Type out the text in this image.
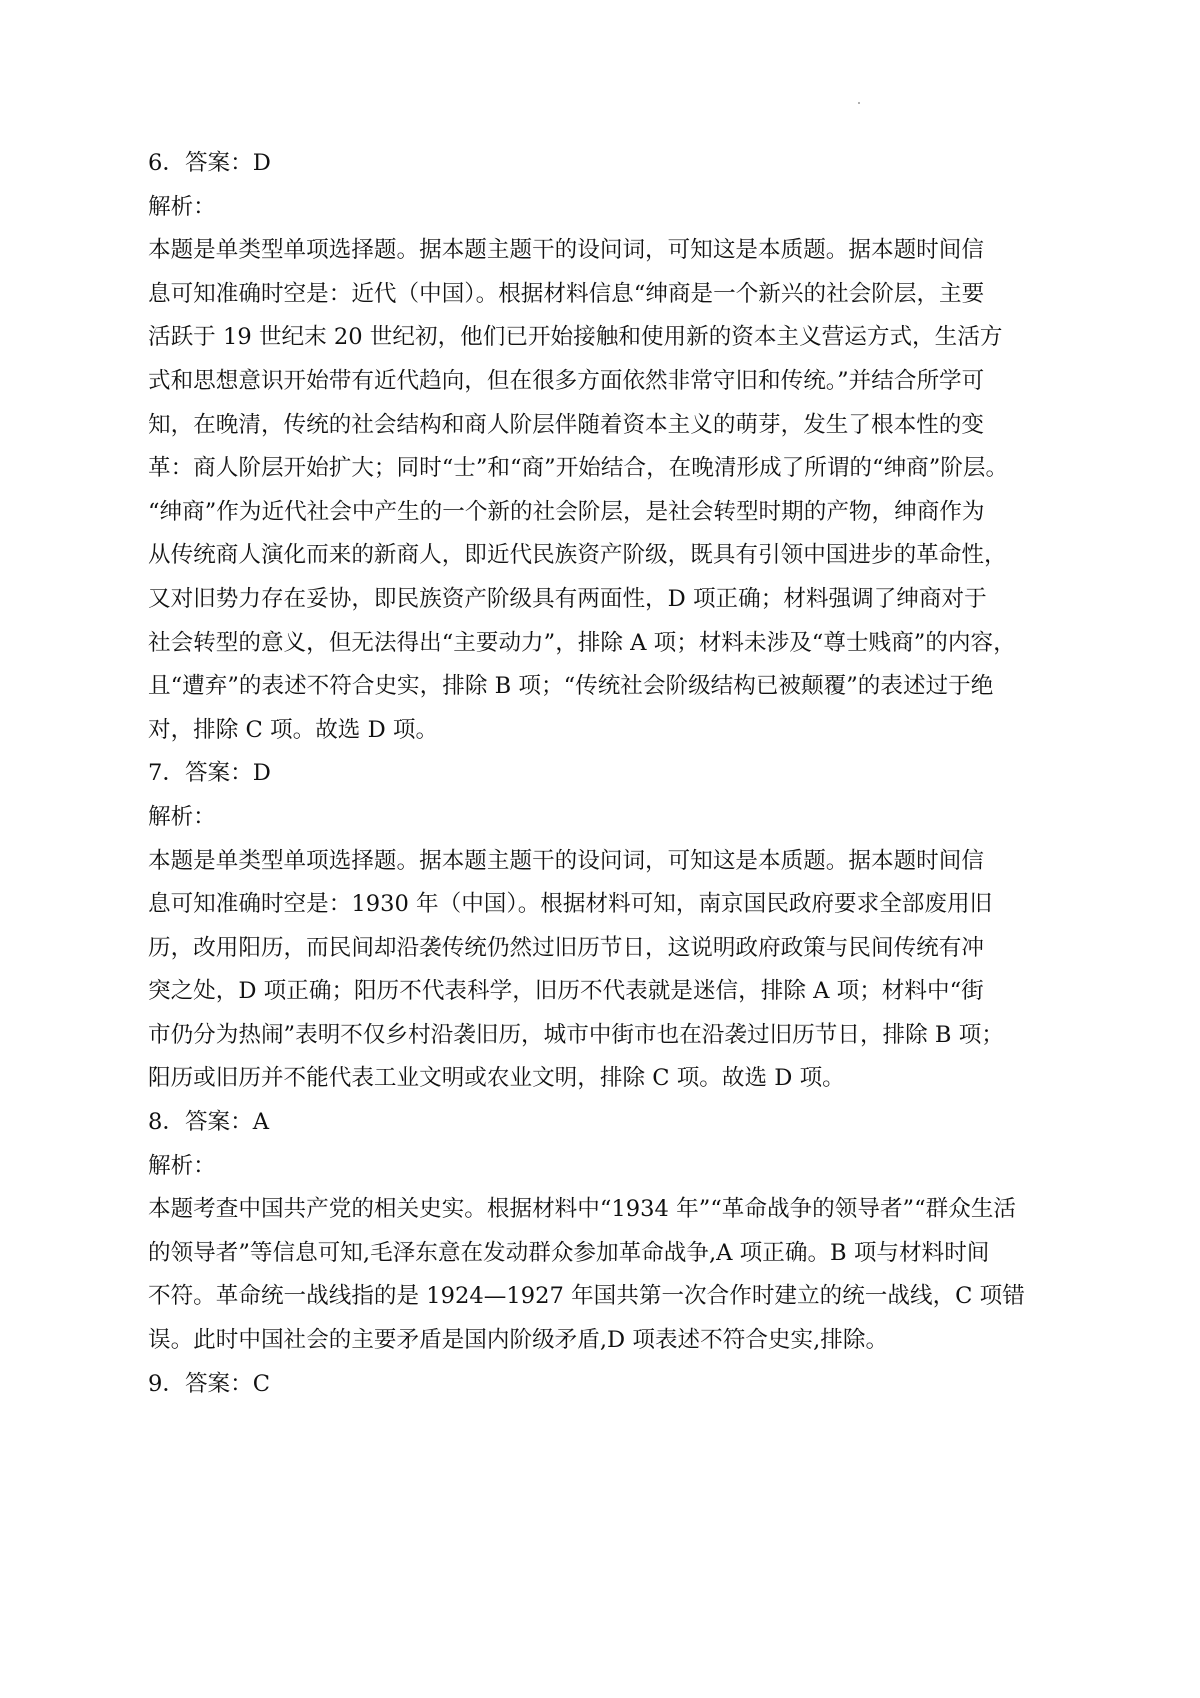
6．答案：D
解析：
本题是单类型单项选择题。据本题主题干的设问词，可知这是本质题。据本题时间信
息可知准确时空是：近代（中国）。根据材料信息“绅商是一个新兴的社会阶层，主要
活跃于 19 世纪末 20 世纪初，他们已开始接触和使用新的资本主义营运方式，生活方
式和思想意识开始带有近代趋向，但在很多方面依然非常守旧和传统。”并结合所学可
知，在晚清，传统的社会结构和商人阶层伴随着资本主义的萌芽，发生了根本性的变
革：商人阶层开始扩大；同时“士”和“商”开始结合，在晚清形成了所谓的“绅商”阶层。
“绅商”作为近代社会中产生的一个新的社会阶层，是社会转型时期的产物，绅商作为
从传统商人演化而来的新商人，即近代民族资产阶级，既具有引领中国进步的革命性，
又对旧势力存在妥协，即民族资产阶级具有两面性，D 项正确；材料强调了绅商对于
社会转型的意义，但无法得出“主要动力”，排除 A 项；材料未涉及“尊士贱商”的内容，
且“遭弃”的表述不符合史实，排除 B 项；“传统社会阶级结构已被颠覆”的表述过于绝
对，排除 C 项。故选 D 项。
7．答案：D
解析：
本题是单类型单项选择题。据本题主题干的设问词，可知这是本质题。据本题时间信
息可知准确时空是：1930 年（中国）。根据材料可知，南京国民政府要求全部废用旧
历，改用阳历，而民间却沿袭传统仍然过旧历节日，这说明政府政策与民间传统有冲
突之处，D 项正确；阳历不代表科学，旧历不代表就是迷信，排除 A 项；材料中“街
市仍分为热闹”表明不仅乡村沿袭旧历，城市中街市也在沿袭过旧历节日，排除 B 项；
阳历或旧历并不能代表工业文明或农业文明，排除 C 项。故选 D 项。
8．答案：A
解析：
本题考查中国共产党的相关史实。根据材料中“1934 年”“革命战争的领导者”“群众生活
的领导者”等信息可知,毛泽东意在发动群众参加革命战争,A 项正确。B 项与材料时间
不符。革命统一战线指的是 1924—1927 年国共第一次合作时建立的统一战线，C 项错
误。此时中国社会的主要矛盾是国内阶级矛盾,D 项表述不符合史实,排除。
9．答案：C
